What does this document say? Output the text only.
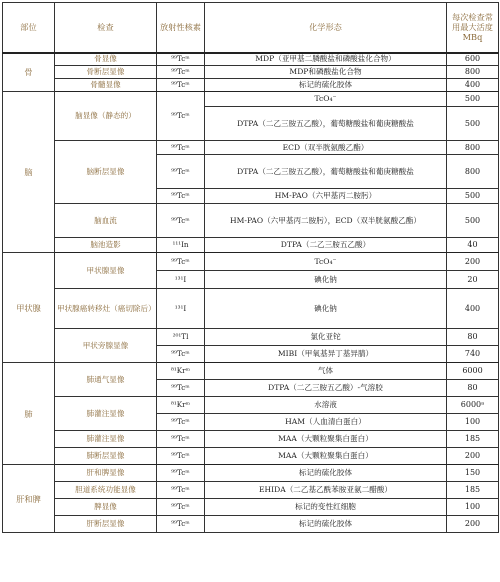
部位	检查	放射性核素	化学形态	每次检查常用最大活度MBq
骨	骨显像	⁹⁹Tcᵐ	MDP（亚甲基二膦酸盐和磷酸盐化合物）	600
	骨断层显像	⁹⁹Tcᵐ	MDP和磷酸盐化合物	800
	骨髓显像	⁹⁹Tcᵐ	标记的硫化胶体	400
脑	脑显像（静态的）	⁹⁹Tcᵐ	TcO₄⁻	500
			DTPA（二乙三胺五乙酸），葡萄糖酸盐和葡庚糖酸盐	500
	脑断层显像	⁹⁹Tcᵐ	ECD（双半胱氨酸乙酯）	800
		⁹⁹Tcᵐ	DTPA（二乙三胺五乙酸），葡萄糖酸盐和葡庚糖酸盐	800
		⁹⁹Tcᵐ	HM-PAO（六甲基丙二胺肟）	500
	脑血流	⁹⁹Tcᵐ	HM-PAO（六甲基丙二胺肟），ECD（双半胱氨酸乙酯）	500
	脑池造影	¹¹¹In	DTPA（二乙三胺五乙酸）	40
甲状腺	甲状腺显像	⁹⁹Tcᵐ	TcO₄⁻	200
		¹³¹I	碘化钠	20
	甲状腺癌转移灶（癌切除后）	¹³¹I	碘化钠	400
	甲状旁腺显像	²⁰¹Tl	氯化亚铊	80
		⁹⁹Tcᵐ	MIBI（甲氧基异丁基异腈）	740
肺	肺通气显像	⁸¹Krᵐ	气体	6000
		⁹⁹Tcᵐ	DTPA（二乙三胺五乙酸）-气溶胶	80
	肺灌注显像	⁸¹Krᵐ	水溶液	6000ᵃ
		⁹⁹Tcᵐ	HAM（人血清白蛋白）	100
	肺灌注显像	⁹⁹Tcᵐ	MAA（大颗粒聚集白蛋白）	185
	肺断层显像	⁹⁹Tcᵐ	MAA（大颗粒聚集白蛋白）	200
肝和脾	肝和脾显像	⁹⁹Tcᵐ	标记的硫化胶体	150
	胆道系统功能显像	⁹⁹Tcᵐ	EHIDA（二乙基乙酰苯胺亚氨二醋酸）	185
	脾显像	⁹⁹Tcᵐ	标记的变性红细胞	100
	肝断层显像	⁹⁹Tcᵐ	标记的硫化胶体	200
